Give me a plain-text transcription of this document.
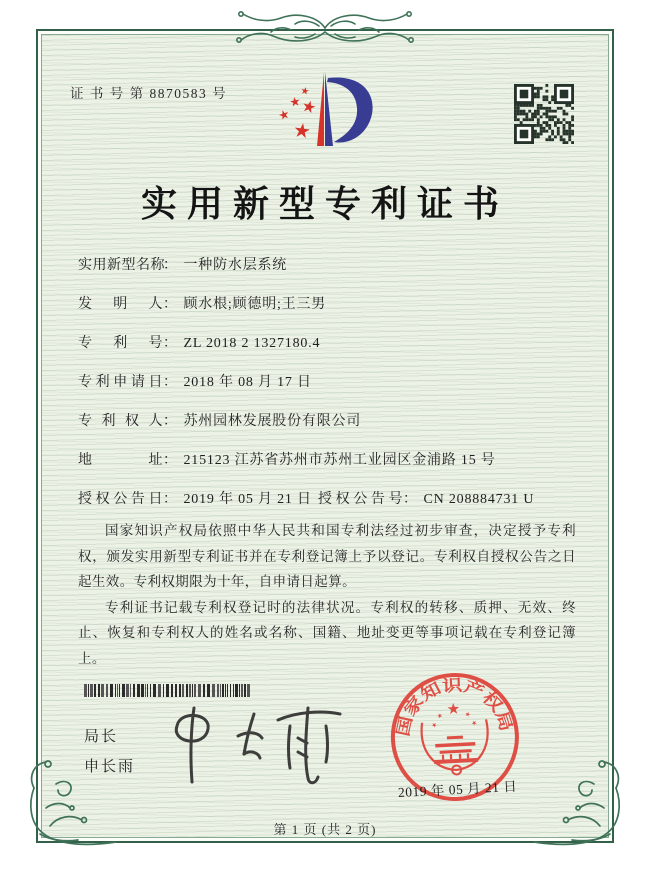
证 书 号 第 8870583 号
实用新型专利证书
实用新型名称： 一种防水层系统
发明人： 顾水根;顾德明;王三男
专利号： ZL 2018 2 1327180.4
专利申请日： 2018 年 08 月 17 日
专利权人： 苏州园林发展股份有限公司
地址： 215123 江苏省苏州市苏州工业园区金浦路 15 号
授权公告日： 2019 年 05 月 21 日 授权公告号： CN 208884731 U

国家知识产权局依照中华人民共和国专利法经过初步审查，决定授予专利权，颁发实用新型专利证书并在专利登记簿上予以登记。专利权自授权公告之日起生效。专利权期限为十年，自申请日起算。

专利证书记载专利权登记时的法律状况。专利权的转移、质押、无效、终止、恢复和专利权人的姓名或名称、国籍、地址变更等事项记载在专利登记簿上。

局长
申长雨
国家知识产权局
2019 年 05 月 21 日
第 1 页 (共 2 页)
